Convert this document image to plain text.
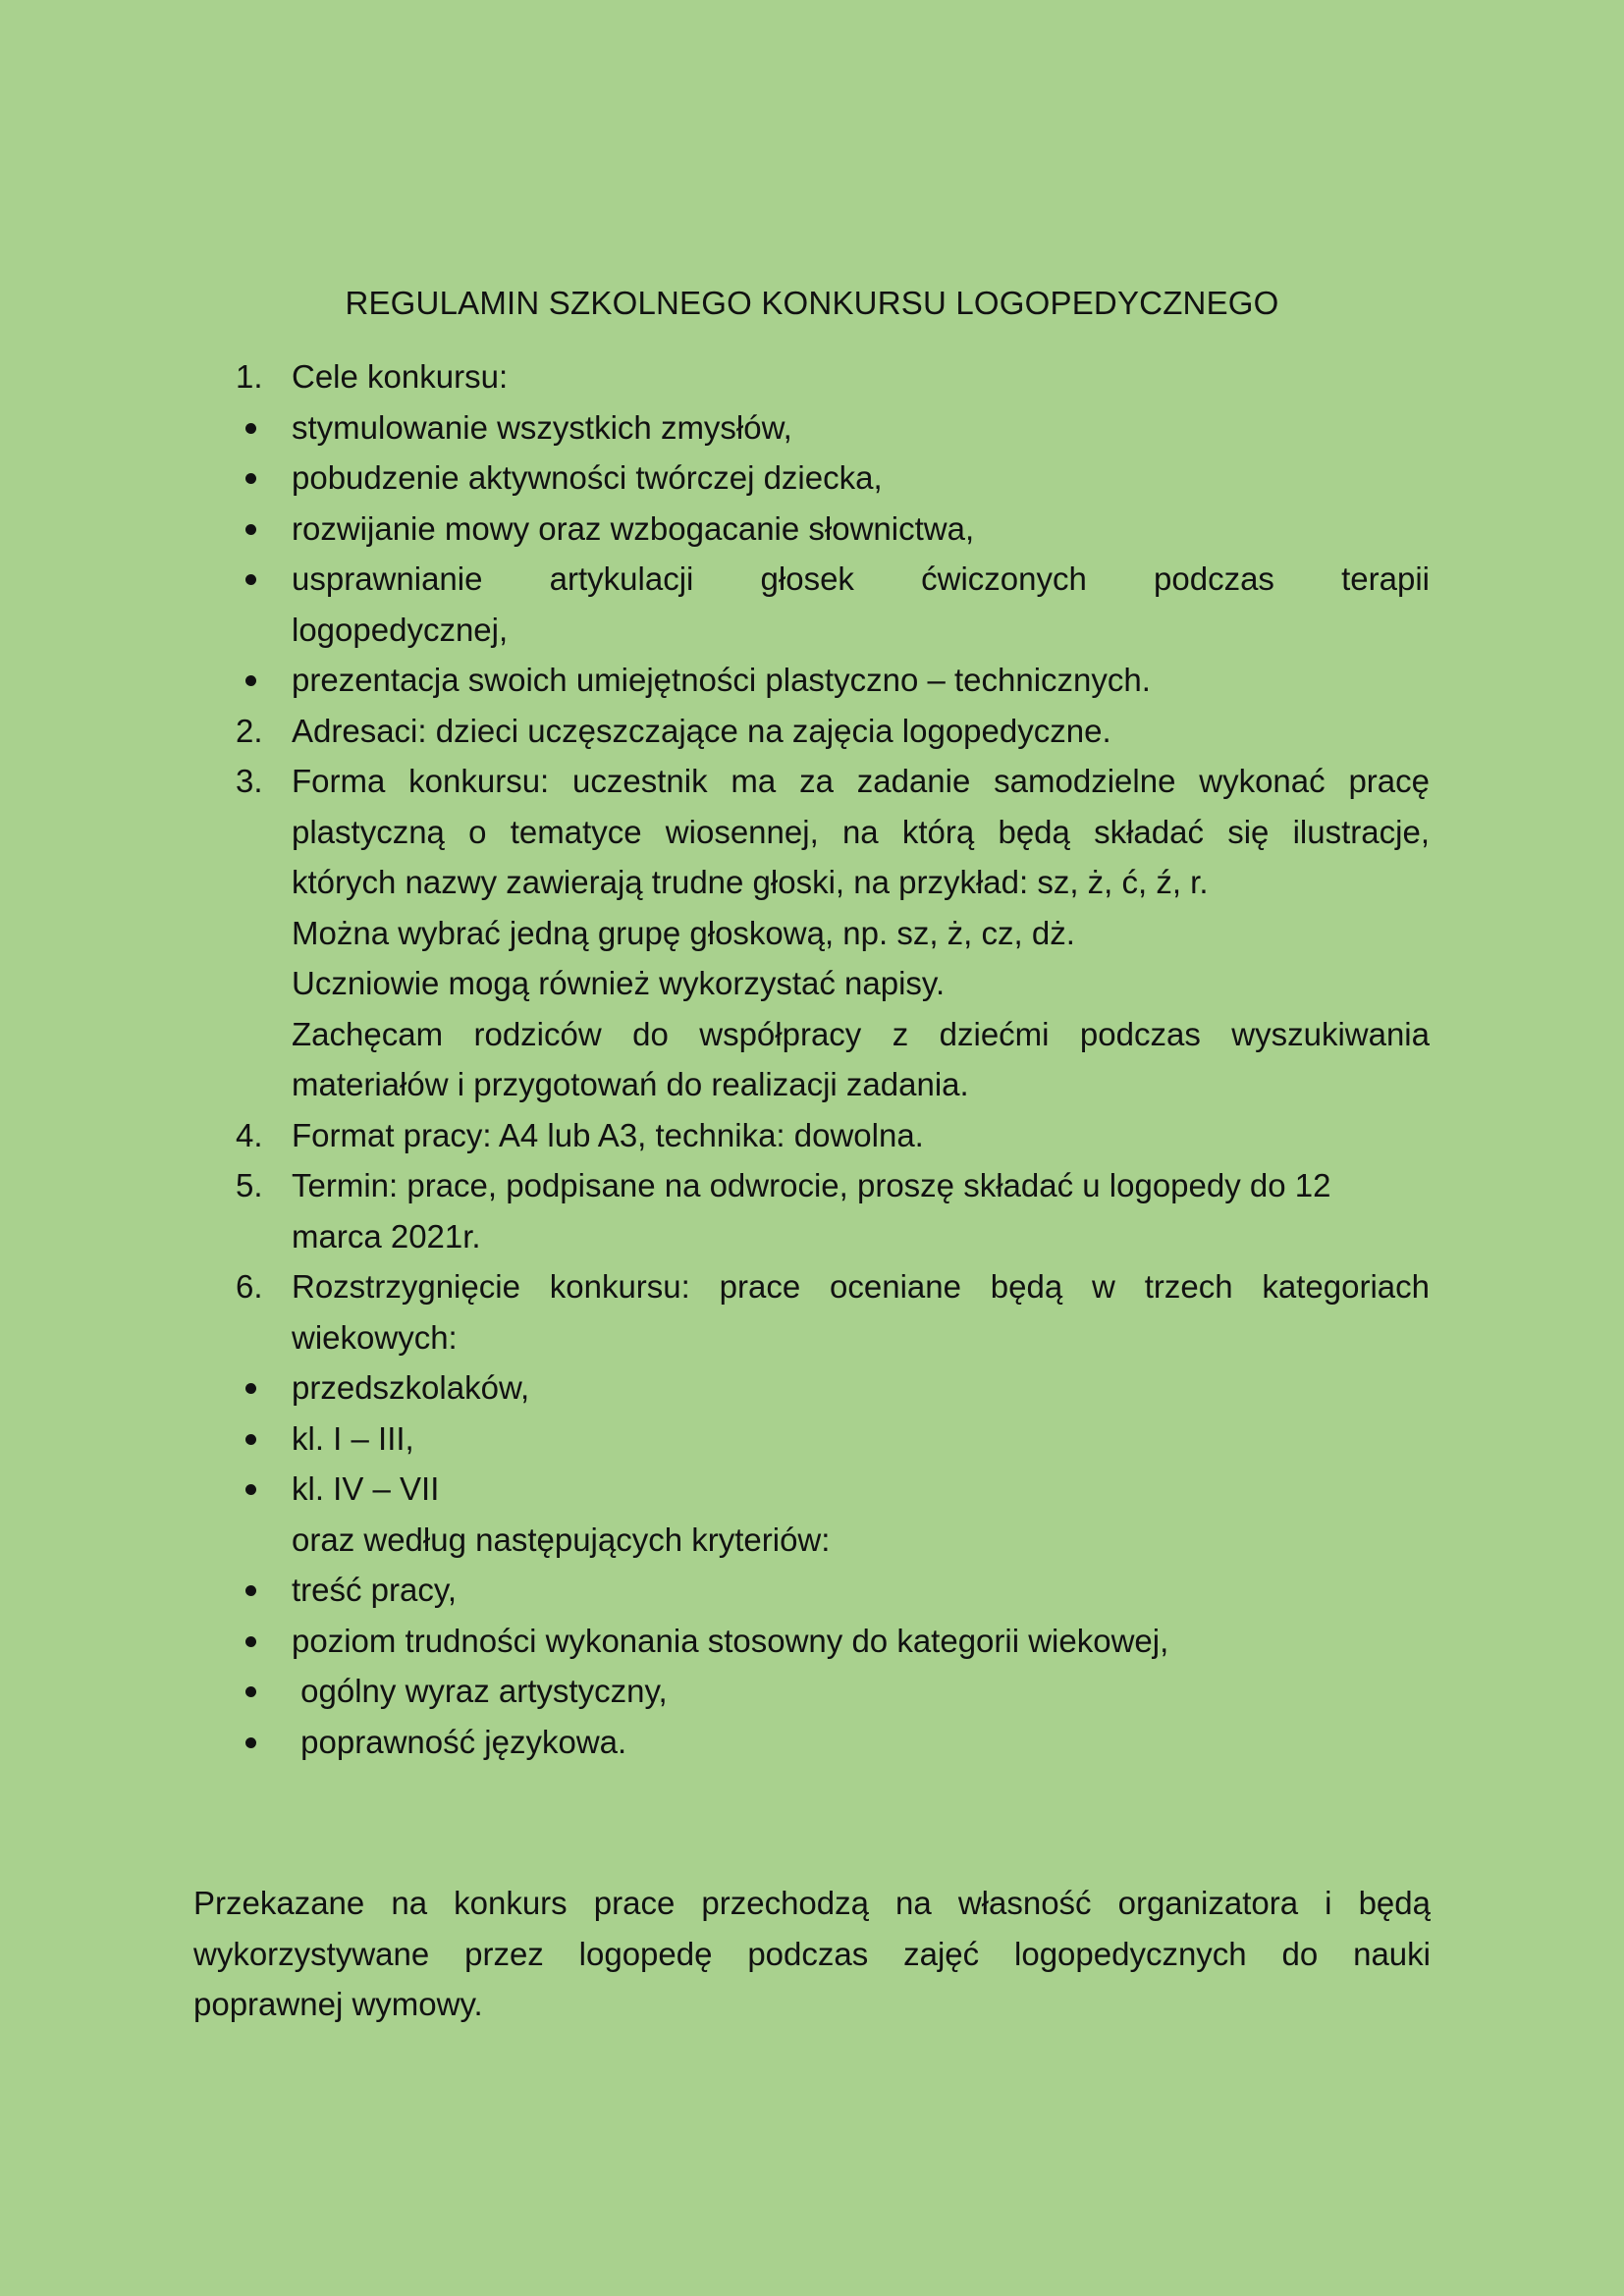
REGULAMIN SZKOLNEGO KONKURSU LOGOPEDYCZNEGO
1. Cele konkursu:
stymulowanie wszystkich zmysłów,
pobudzenie aktywności twórczej dziecka,
rozwijanie mowy oraz wzbogacanie słownictwa,
usprawnianie artykulacji głosek ćwiczonych podczas terapii
logopedycznej,
prezentacja swoich umiejętności plastyczno – technicznych.
2. Adresaci: dzieci uczęszczające na zajęcia logopedyczne.
3. Forma konkursu: uczestnik ma za zadanie samodzielne wykonać pracę
plastyczną o tematyce wiosennej, na którą będą składać się ilustracje,
których nazwy zawierają trudne głoski, na przykład: sz, ż, ć, ź, r.
Można wybrać jedną grupę głoskową, np. sz, ż, cz, dż.
Uczniowie mogą również wykorzystać napisy.
Zachęcam rodziców do współpracy z dziećmi podczas wyszukiwania
materiałów i przygotowań do realizacji zadania.
4. Format pracy: A4 lub A3, technika: dowolna.
5. Termin: prace, podpisane na odwrocie, proszę składać u logopedy do 12
marca 2021r.
6. Rozstrzygnięcie konkursu: prace oceniane będą w trzech kategoriach
wiekowych:
przedszkolaków,
kl. I – III,
kl. IV – VII
oraz według następujących kryteriów:
treść pracy,
poziom trudności wykonania stosowny do kategorii wiekowej,
ogólny wyraz artystyczny,
poprawność językowa.
Przekazane na konkurs prace przechodzą na własność organizatora i będą
wykorzystywane przez logopedę podczas zajęć logopedycznych do nauki
poprawnej wymowy.
